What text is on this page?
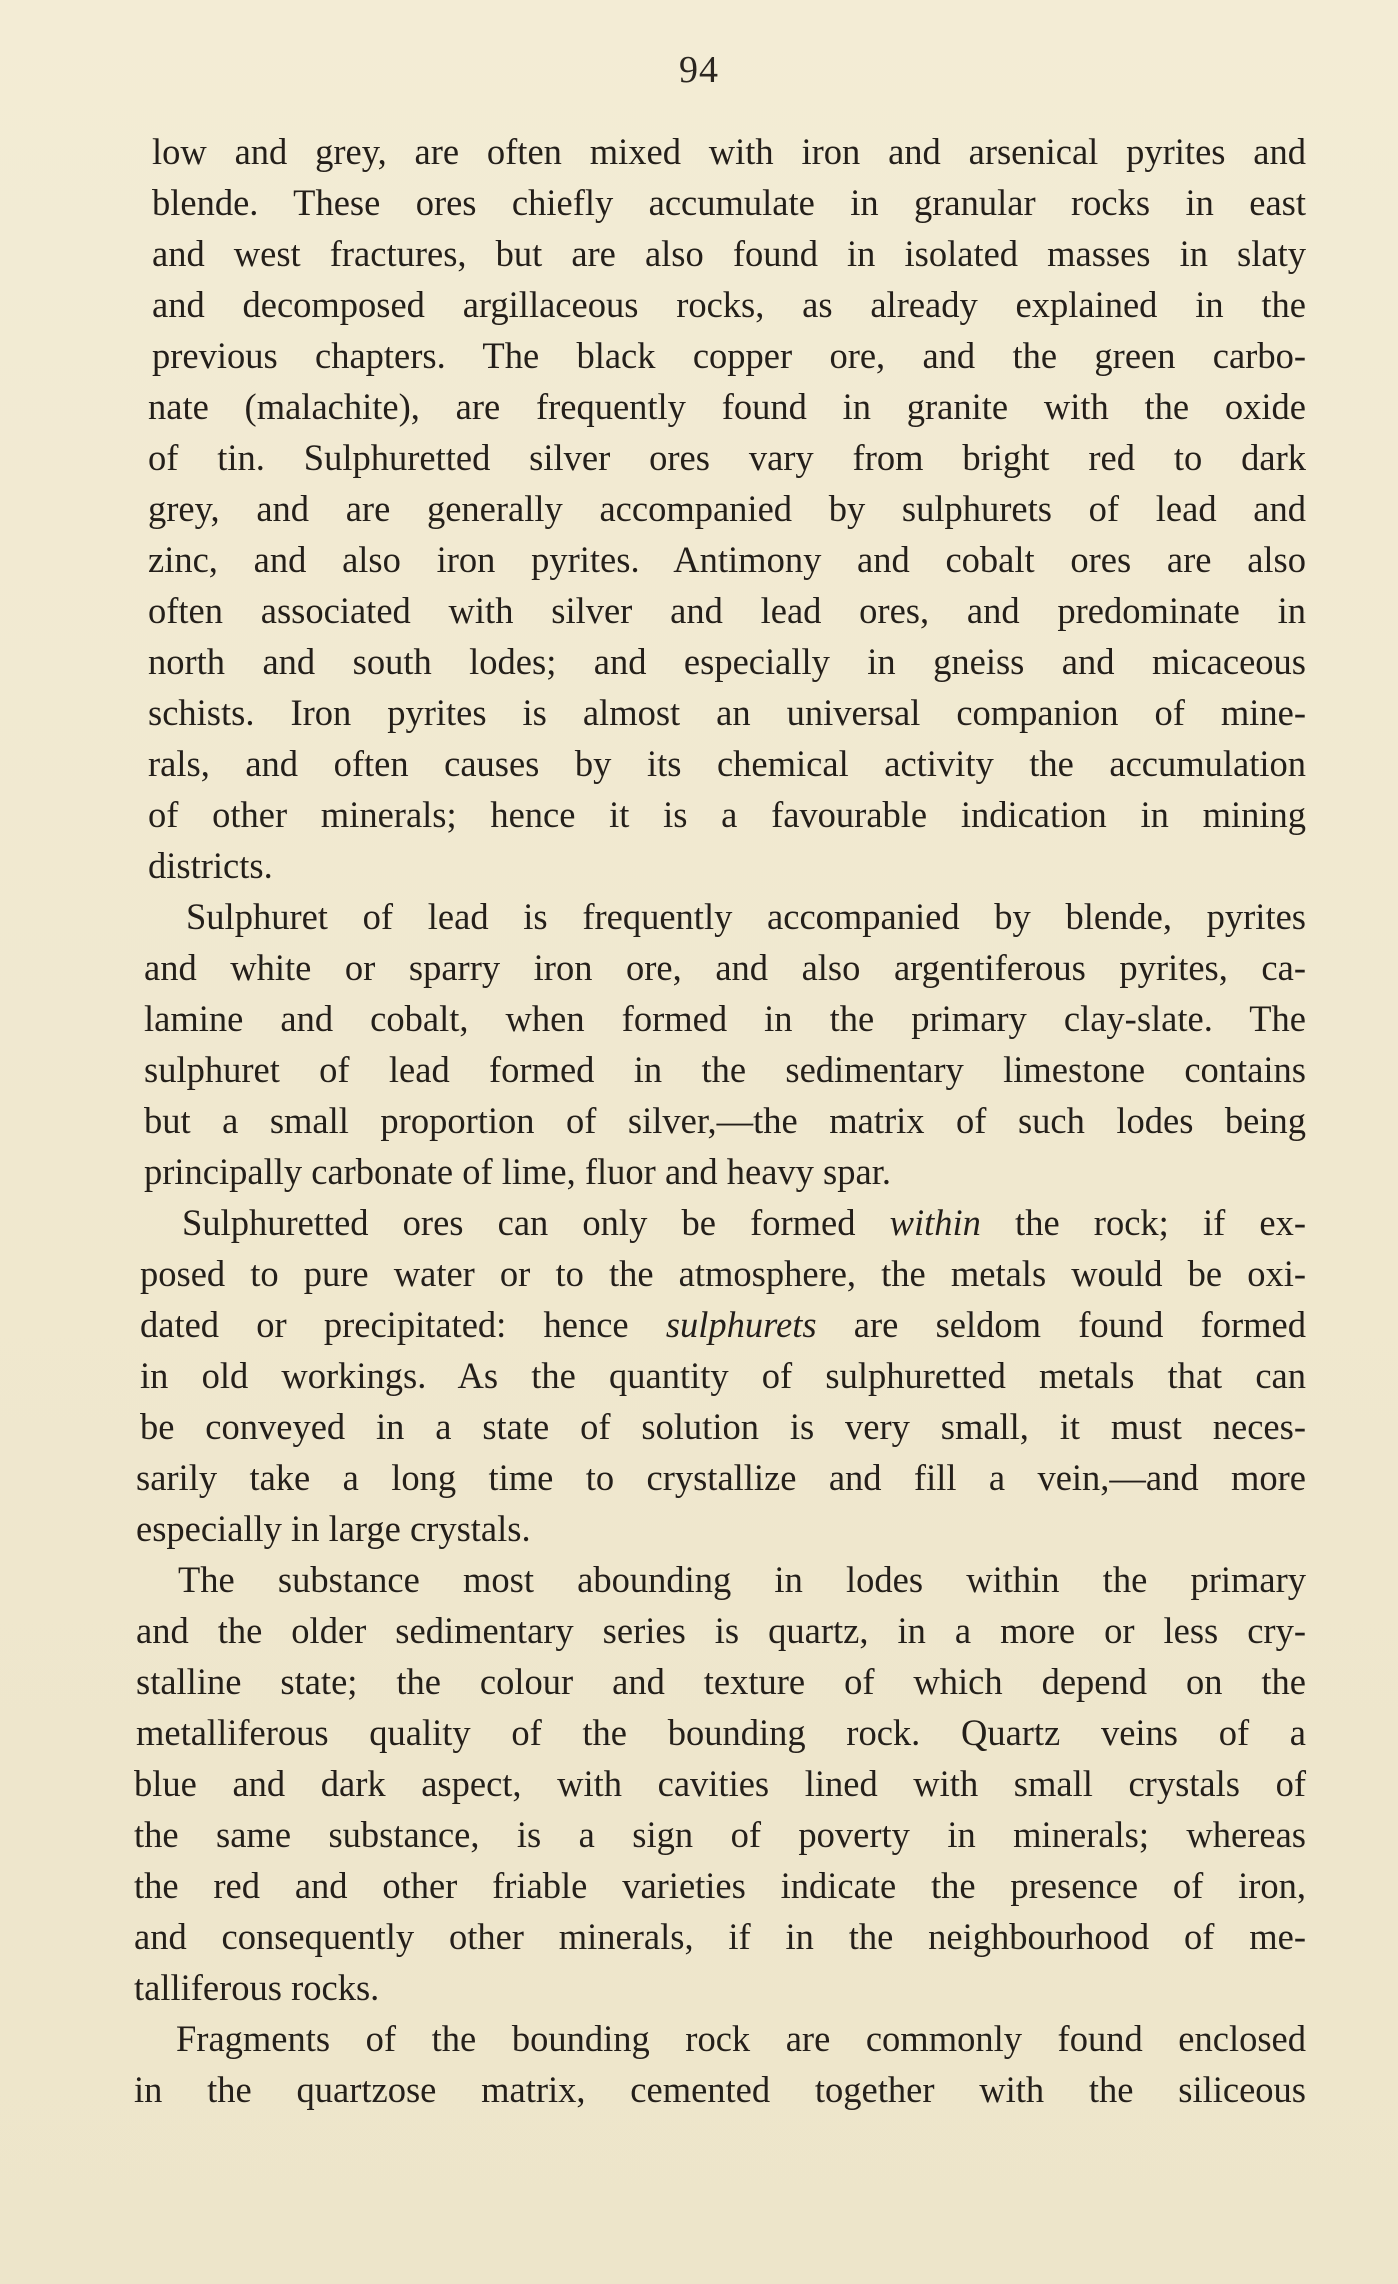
94
low and grey, are often mixed with iron and arsenical pyrites and
blende. These ores chiefly accumulate in granular rocks in east
and west fractures, but are also found in isolated masses in slaty
and decomposed argillaceous rocks, as already explained in the
previous chapters. The black copper ore, and the green carbo-
nate (malachite), are frequently found in granite with the oxide
of tin. Sulphuretted silver ores vary from bright red to dark
grey, and are generally accompanied by sulphurets of lead and
zinc, and also iron pyrites. Antimony and cobalt ores are also
often associated with silver and lead ores, and predominate in
north and south lodes; and especially in gneiss and micaceous
schists. Iron pyrites is almost an universal companion of mine-
rals, and often causes by its chemical activity the accumulation
of other minerals; hence it is a favourable indication in mining
districts.
Sulphuret of lead is frequently accompanied by blende, pyrites
and white or sparry iron ore, and also argentiferous pyrites, ca-
lamine and cobalt, when formed in the primary clay-slate. The
sulphuret of lead formed in the sedimentary limestone contains
but a small proportion of silver,—the matrix of such lodes being
principally carbonate of lime, fluor and heavy spar.
Sulphuretted ores can only be formed within the rock; if ex-
posed to pure water or to the atmosphere, the metals would be oxi-
dated or precipitated: hence sulphurets are seldom found formed
in old workings. As the quantity of sulphuretted metals that can
be conveyed in a state of solution is very small, it must neces-
sarily take a long time to crystallize and fill a vein,—and more
especially in large crystals.
The substance most abounding in lodes within the primary
and the older sedimentary series is quartz, in a more or less cry-
stalline state; the colour and texture of which depend on the
metalliferous quality of the bounding rock. Quartz veins of a
blue and dark aspect, with cavities lined with small crystals of
the same substance, is a sign of poverty in minerals; whereas
the red and other friable varieties indicate the presence of iron,
and consequently other minerals, if in the neighbourhood of me-
talliferous rocks.
Fragments of the bounding rock are commonly found enclosed
in the quartzose matrix, cemented together with the siliceous
